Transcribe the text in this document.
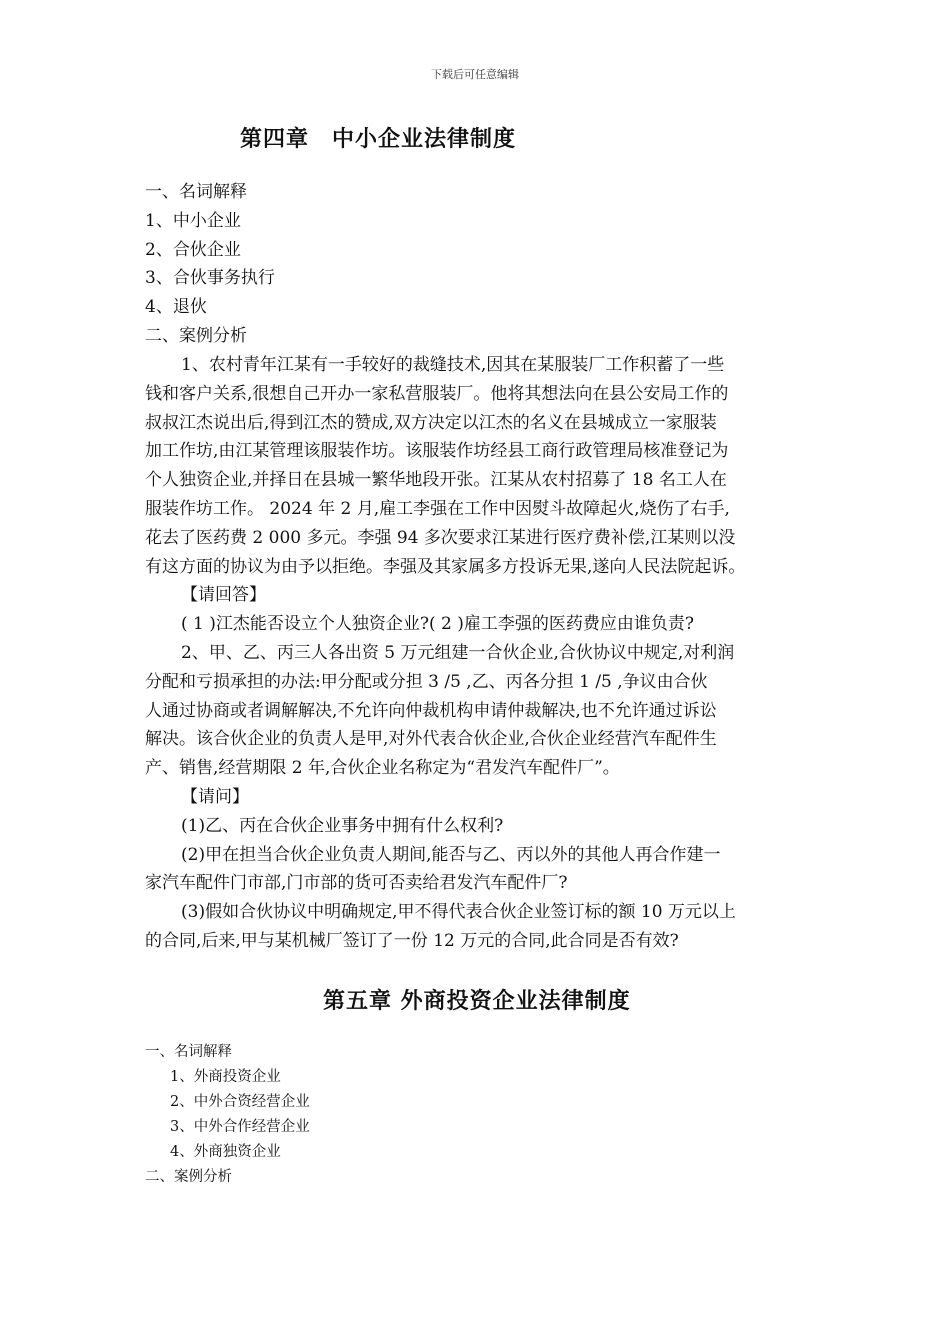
下载后可任意编辑
第四章　中小企业法律制度
一、名词解释
1、中小企业
2、合伙企业
3、合伙事务执行
4、退伙
二、案例分析
1、农村青年江某有一手较好的裁缝技术,因其在某服装厂工作积蓄了一些
钱和客户关系,很想自己开办一家私营服装厂。他将其想法向在县公安局工作的
叔叔江杰说出后,得到江杰的赞成,双方决定以江杰的名义在县城成立一家服装
加工作坊,由江某管理该服装作坊。该服装作坊经县工商行政管理局核准登记为
个人独资企业,并择日在县城一繁华地段开张。江某从农村招募了 18 名工人在
服装作坊工作。 2024 年 2 月,雇工李强在工作中因熨斗故障起火,烧伤了右手,
花去了医药费 2 000 多元。李强 94 多次要求江某进行医疗费补偿,江某则以没
有这方面的协议为由予以拒绝。李强及其家属多方投诉无果,遂向人民法院起诉。
【请回答】
( 1 )江杰能否设立个人独资企业?( 2 )雇工李强的医药费应由谁负责?
2、甲、乙、丙三人各出资 5 万元组建一合伙企业,合伙协议中规定,对利润
分配和亏损承担的办法:甲分配或分担 3 /5 ,乙、丙各分担 1 /5 ,争议由合伙
人通过协商或者调解解决,不允许向仲裁机构申请仲裁解决,也不允许通过诉讼
解决。该合伙企业的负责人是甲,对外代表合伙企业,合伙企业经营汽车配件生
产、销售,经营期限 2 年,合伙企业名称定为“君发汽车配件厂”。
【请问】
(1)乙、丙在合伙企业事务中拥有什么权利?
(2)甲在担当合伙企业负责人期间,能否与乙、丙以外的其他人再合作建一
家汽车配件门市部,门市部的货可否卖给君发汽车配件厂?
(3)假如合伙协议中明确规定,甲不得代表合伙企业签订标的额 10 万元以上
的合同,后来,甲与某机械厂签订了一份 12 万元的合同,此合同是否有效?
第五章 外商投资企业法律制度
一、名词解释
1、外商投资企业
2、中外合资经营企业
3、中外合作经营企业
4、外商独资企业
二、案例分析
